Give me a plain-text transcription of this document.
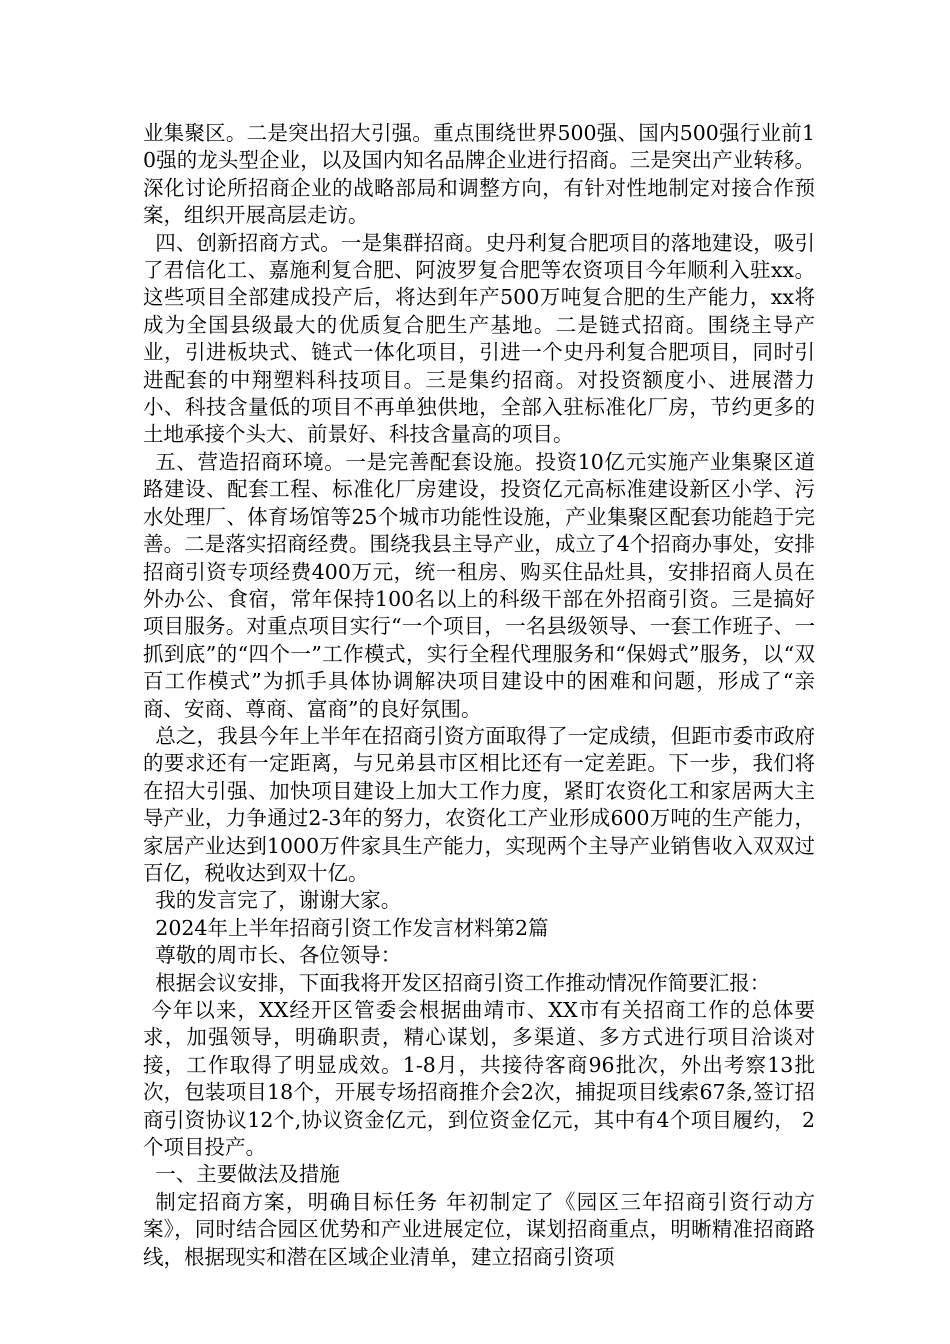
业集聚区。二是突出招大引强。重点围绕世界500强、国内500强行业前10强的龙头型企业，以及国内知名品牌企业进行招商。三是突出产业转移。深化讨论所招商企业的战略部局和调整方向，有针对性地制定对接合作预案，组织开展高层走访。

四、创新招商方式。一是集群招商。史丹利复合肥项目的落地建设，吸引了君信化工、嘉施利复合肥、阿波罗复合肥等农资项目今年顺利入驻xx。这些项目全部建成投产后，将达到年产500万吨复合肥的生产能力，xx将成为全国县级最大的优质复合肥生产基地。二是链式招商。围绕主导产业，引进板块式、链式一体化项目，引进一个史丹利复合肥项目，同时引进配套的中翔塑料科技项目。三是集约招商。对投资额度小、进展潜力小、科技含量低的项目不再单独供地，全部入驻标准化厂房，节约更多的土地承接个头大、前景好、科技含量高的项目。

五、营造招商环境。一是完善配套设施。投资10亿元实施产业集聚区道路建设、配套工程、标准化厂房建设，投资亿元高标准建设新区小学、污水处理厂、体育场馆等25个城市功能性设施，产业集聚区配套功能趋于完善。二是落实招商经费。围绕我县主导产业，成立了4个招商办事处，安排招商引资专项经费400万元，统一租房、购买住品灶具，安排招商人员在外办公、食宿，常年保持100名以上的科级干部在外招商引资。三是搞好项目服务。对重点项目实行“一个项目，一名县级领导、一套工作班子、一抓到底”的“四个一”工作模式，实行全程代理服务和“保姆式”服务，以“双百工作模式”为抓手具体协调解决项目建设中的困难和问题，形成了“亲商、安商、尊商、富商”的良好氛围。

总之，我县今年上半年在招商引资方面取得了一定成绩，但距市委市政府的要求还有一定距离，与兄弟县市区相比还有一定差距。下一步，我们将在招大引强、加快项目建设上加大工作力度，紧盯农资化工和家居两大主导产业，力争通过2-3年的努力，农资化工产业形成600万吨的生产能力，家居产业达到1000万件家具生产能力，实现两个主导产业销售收入双双过百亿，税收达到双十亿。

我的发言完了，谢谢大家。

2024年上半年招商引资工作发言材料第2篇

尊敬的周市长、各位领导：

根据会议安排，下面我将开发区招商引资工作推动情况作简要汇报：

今年以来，XX经开区管委会根据曲靖市、XX市有关招商工作的总体要求，加强领导，明确职责，精心谋划，多渠道、多方式进行项目洽谈对接，工作取得了明显成效。1-8月，共接待客商96批次，外出考察13批次，包装项目18个，开展专场招商推介会2次，捕捉项目线索67条,签订招商引资协议12个,协议资金亿元，到位资金亿元，其中有4个项目履约， 2个项目投产。

一、主要做法及措施

制定招商方案，明确目标任务 年初制定了《园区三年招商引资行动方案》，同时结合园区优势和产业进展定位，谋划招商重点，明晰精准招商路线，根据现实和潜在区域企业清单，建立招商引资项
